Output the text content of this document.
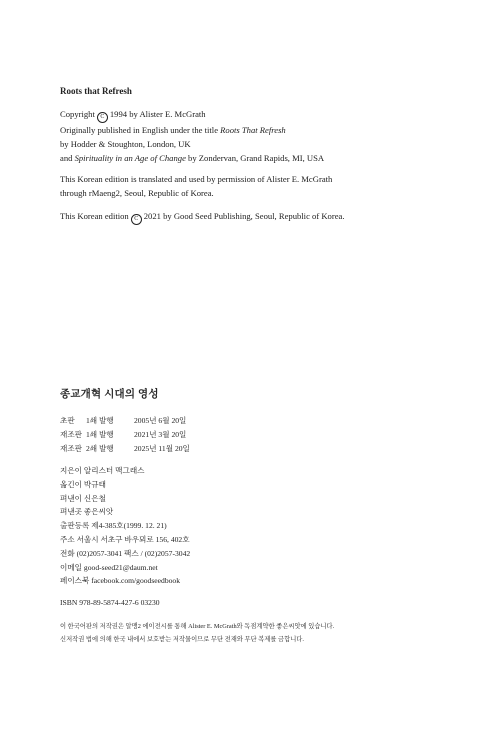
Roots that Refresh

Copyright C 1994 by Alister E. McGrath

Originally published in English under the title Roots That Refresh

by Hodder & Stoughton, London, UK

and Spirituality in an Age of Change by Zondervan, Grand Rapids, MI, USA

This Korean edition is translated and used by permission of Alister E. McGrath

through rMaeng2, Seoul, Republic of Korea.

This Korean edition C 2021 by Good Seed Publishing, Seoul, Republic of Korea.

종교개혁 시대의 영성
초판 1쇄 발행	2005년 6월 20일
재조판 1쇄 발행	2021년 3월 20일
재조판 2쇄 발행	2025년 11월 20일
지은이 알리스터 맥그래스
옮긴이 박규태
펴낸이 신은철
펴낸곳 좋은씨앗
출판등록 제4-385호(1999. 12. 21)
주소 서울시 서초구 바우뫼로 156, 402호
전화 (02)2057-3041 팩스 / (02)2057-3042
이메일 good-seed21@daum.net
페이스북 facebook.com/goodseedbook
ISBN 978-89-5874-427-6 03230
이 한국어판의 저작권은 알맹2 에이전시를 통해 Alister E. McGrath와 독점계약한 좋은씨앗에 있습니다.
신저작권 법에 의해 한국 내에서 보호받는 저작물이므로 무단 전재와 무단 복제를 금합니다.
